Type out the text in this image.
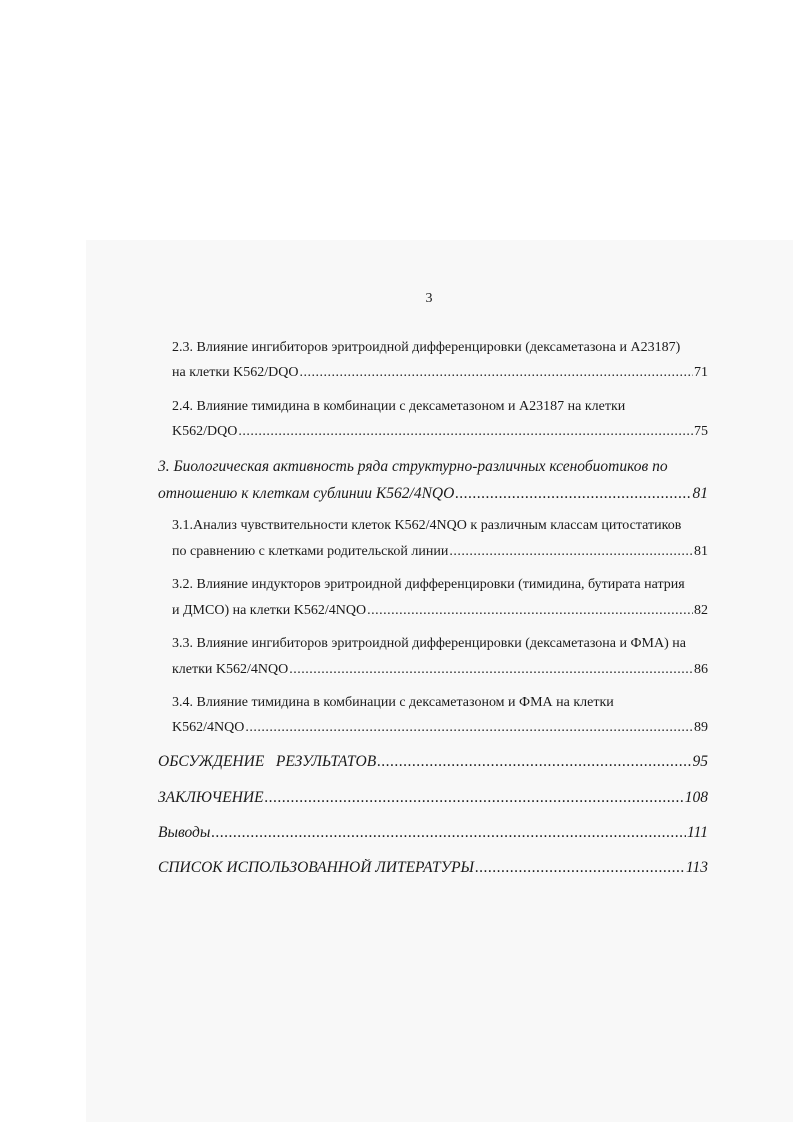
3
2.3. Влияние ингибиторов эритроидной дифференцировки (дексаметазона и A23187)
на клетки K562/DQO .....	71
2.4. Влияние тимидина в комбинации с дексаметазоном и A23187 на клетки
K562/DQO .....	75
3. Биологическая активность ряда структурно-различных ксенобиотиков по
отношению к клеткам сублинии K562/4NQO .....	81
3.1.Анализ чувствительности клеток K562/4NQO к различным классам цитостатиков
по сравнению с клетками родительской линии .....	81
3.2. Влияние индукторов эритроидной дифференцировки (тимидина, бутирата натрия
и ДМСО) на клетки K562/4NQO .....	82
3.3. Влияние ингибиторов эритроидной дифференцировки (дексаметазона и ФМА) на
клетки K562/4NQO .....	86
3.4. Влияние тимидина в комбинации с дексаметазоном и ФМА на клетки
K562/4NQO .....	89
ОБСУЖДЕНИЕ   РЕЗУЛЬТАТОВ .....	95
ЗАКЛЮЧЕНИЕ .....	108
Выводы .....	111
СПИСОК ИСПОЛЬЗОВАННОЙ ЛИТЕРАТУРЫ .....	113
